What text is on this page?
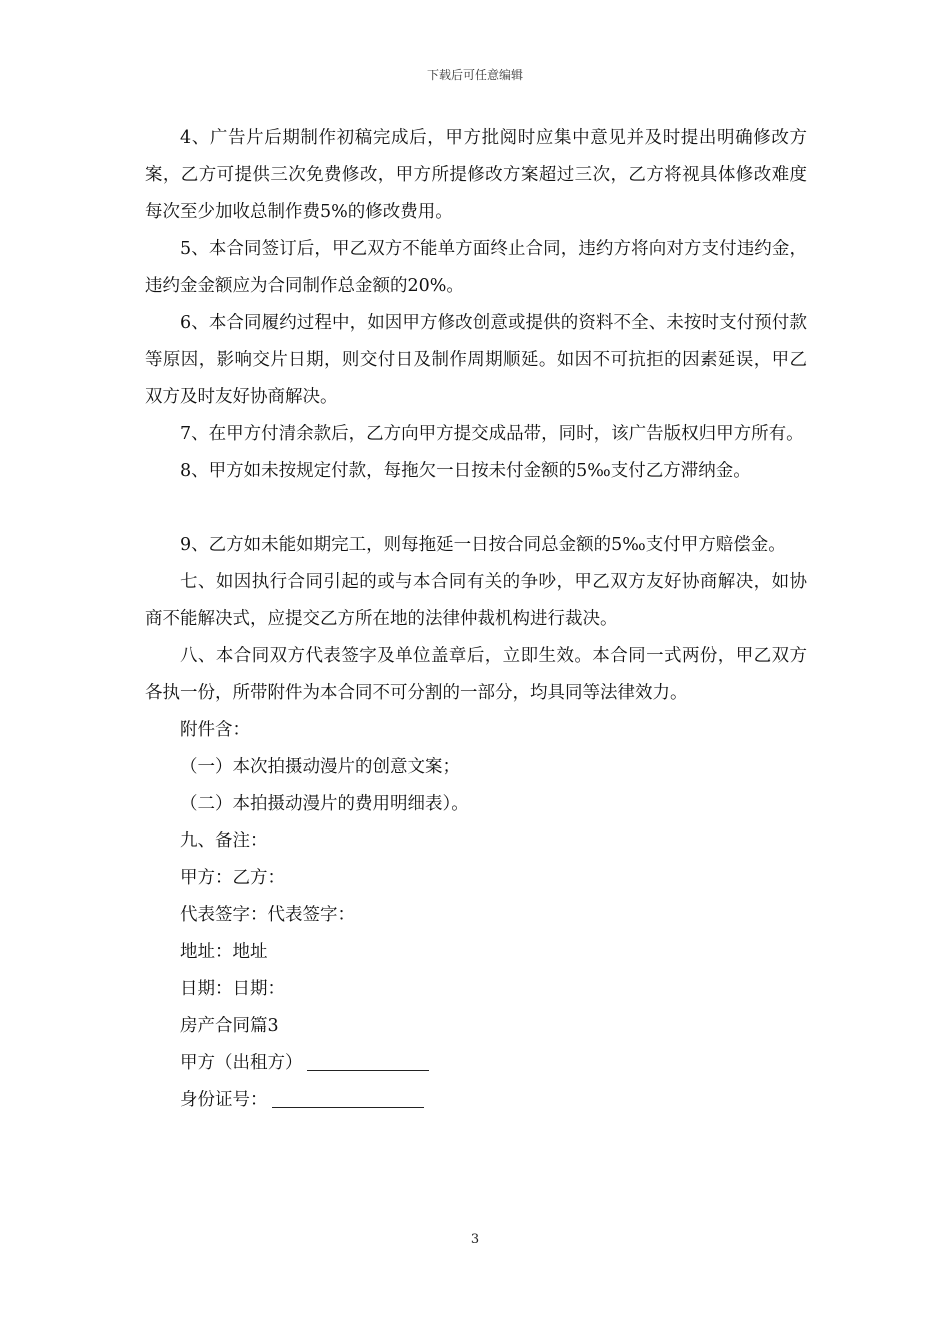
下载后可任意编辑

4、广告片后期制作初稿完成后，甲方批阅时应集中意见并及时提出明确修改方案，乙方可提供三次免费修改，甲方所提修改方案超过三次，乙方将视具体修改难度每次至少加收总制作费5%的修改费用。

5、本合同签订后，甲乙双方不能单方面终止合同，违约方将向对方支付违约金，违约金金额应为合同制作总金额的20%。

6、本合同履约过程中，如因甲方修改创意或提供的资料不全、未按时支付预付款等原因，影响交片日期，则交付日及制作周期顺延。如因不可抗拒的因素延误，甲乙双方及时友好协商解决。

7、在甲方付清余款后，乙方向甲方提交成品带，同时，该广告版权归甲方所有。

8、甲方如未按规定付款，每拖欠一日按未付金额的5‰支付乙方滞纳金。

9、乙方如未能如期完工，则每拖延一日按合同总金额的5‰支付甲方赔偿金。

七、如因执行合同引起的或与本合同有关的争吵，甲乙双方友好协商解决，如协商不能解决式，应提交乙方所在地的法律仲裁机构进行裁决。

八、本合同双方代表签字及单位盖章后，立即生效。本合同一式两份，甲乙双方各执一份，所带附件为本合同不可分割的一部分，均具同等法律效力。

附件含：

（一）本次拍摄动漫片的创意文案；

（二）本拍摄动漫片的费用明细表）。

九、备注：

甲方：乙方：

代表签字：代表签字：

地址：地址

日期：日期：

房产合同篇3

甲方（出租方）

身份证号：

3
